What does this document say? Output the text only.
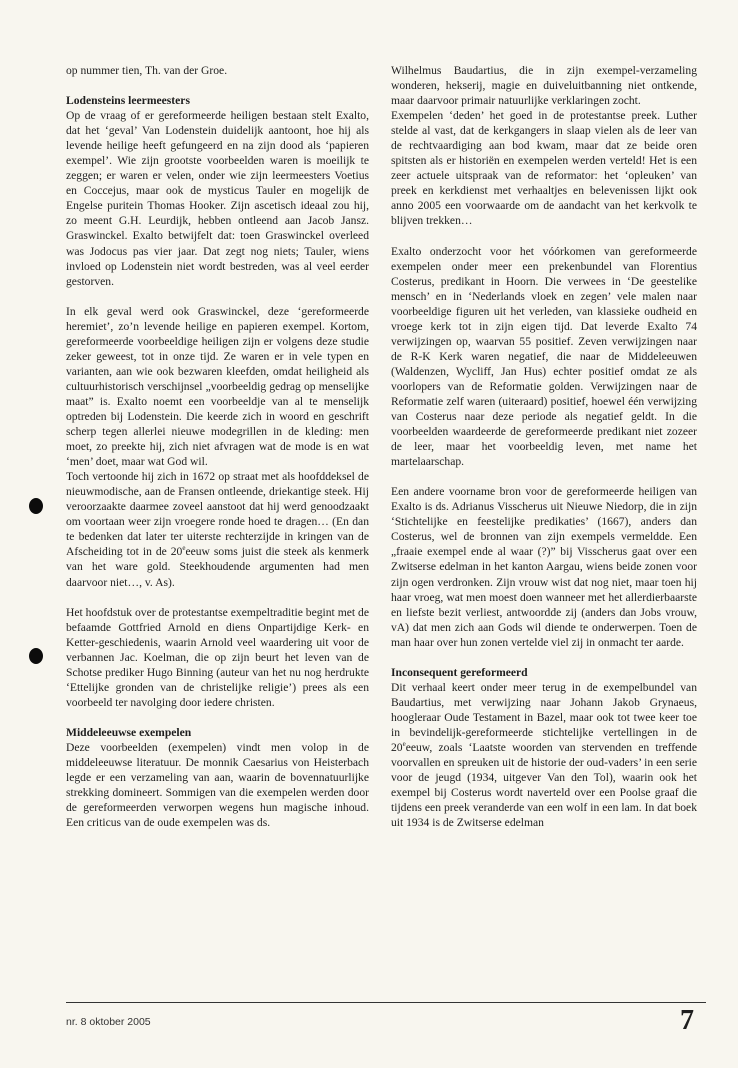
op nummer tien, Th. van der Groe.

Lodensteins leermeesters

Op de vraag of er gereformeerde heiligen bestaan stelt Exalto, dat het ‘geval’ Van Lodenstein duidelijk aantoont, hoe hij als levende heilige heeft gefungeerd en na zijn dood als ‘papieren exempel’. Wie zijn grootste voorbeelden waren is moeilijk te zeggen; er waren er velen, onder wie zijn leermeesters Voetius en Coccejus, maar ook de mysticus Tauler en mogelijk de Engelse puritein Thomas Hooker. Zijn ascetisch ideaal zou hij, zo meent G.H. Leurdijk, hebben ontleend aan Jacob Jansz. Graswinckel. Exalto betwijfelt dat: toen Graswinckel overleed was Jodocus pas vier jaar. Dat zegt nog niets; Tauler, wiens invloed op Lodenstein niet wordt bestreden, was al veel eerder gestorven.

In elk geval werd ook Graswinckel, deze ‘gereformeerde heremiet’, zo’n levende heilige en papieren exempel. Kortom, gereformeerde voorbeeldige heiligen zijn er volgens deze studie zeker geweest, tot in onze tijd. Ze waren er in vele typen en varianten, aan wie ook bezwaren kleefden, omdat heiligheid als cultuurhistorisch verschijnsel „voorbeeldig gedrag op menselijke maat” is. Exalto noemt een voorbeeldje van al te menselijk optreden bij Lodenstein. Die keerde zich in woord en geschrift scherp tegen allerlei nieuwe modegrillen in de kleding: men moet, zo preekte hij, zich niet afvragen wat de mode is en wat ‘men’ doet, maar wat God wil.

Toch vertoonde hij zich in 1672 op straat met als hoofddeksel de nieuwmodische, aan de Fransen ontleende, driekantige steek. Hij veroorzaakte daarmee zoveel aanstoot dat hij werd genoodzaakt om voortaan weer zijn vroegere ronde hoed te dragen… (En dan te bedenken dat later ter uiterste rechterzijde in kringen van de Afscheiding tot in de 20eeeuw soms juist die steek als kenmerk van het ware gold. Steekhoudende argumenten had men daarvoor niet…, v. As).

Het hoofdstuk over de protestantse exempeltraditie begint met de befaamde Gottfried Arnold en diens Onpartijdige Kerk- en Ketter-geschiedenis, waarin Arnold veel waardering uit voor de verbannen Jac. Koelman, die op zijn beurt het leven van de Schotse prediker Hugo Binning (auteur van het nu nog herdrukte ‘Ettelijke gronden van de christelijke religie’) prees als een voorbeeld ter navolging door iedere christen.

Middeleeuwse exempelen

Deze voorbeelden (exempelen) vindt men volop in de middeleeuwse literatuur. De monnik Caesarius von Heisterbach legde er een verzameling van aan, waarin de bovennatuurlijke strekking domineert. Sommigen van die exempelen werden door de gereformeerden verworpen wegens hun magische inhoud. Een criticus van de oude exempelen was ds.

Wilhelmus Baudartius, die in zijn exempel-verzameling wonderen, hekserij, magie en duiveluitbanning niet ontkende, maar daarvoor primair natuurlijke verklaringen zocht.

Exempelen ‘deden’ het goed in de protestantse preek. Luther stelde al vast, dat de kerkgangers in slaap vielen als de leer van de rechtvaardiging aan bod kwam, maar dat ze beide oren spitsten als er historiën en exempelen werden verteld! Het is een zeer actuele uitspraak van de reformator: het ‘opleuken’ van preek en kerkdienst met verhaaltjes en belevenissen lijkt ook anno 2005 een voorwaarde om de aandacht van het kerkvolk te blijven trekken…

Exalto onderzocht voor het vóórkomen van gereformeerde exempelen onder meer een prekenbundel van Florentius Costerus, predikant in Hoorn. Die verwees in ‘De geestelike mensch’ en in ‘Nederlands vloek en zegen’ vele malen naar voorbeeldige figuren uit het verleden, van klassieke oudheid en vroege kerk tot in zijn eigen tijd. Dat leverde Exalto 74 verwijzingen op, waarvan 55 positief. Zeven verwijzingen naar de R-K Kerk waren negatief, die naar de Middeleeuwen (Waldenzen, Wycliff, Jan Hus) echter positief omdat ze als voorlopers van de Reformatie golden. Verwijzingen naar de Reformatie zelf waren (uiteraard) positief, hoewel één verwijzing van Costerus naar deze periode als negatief geldt. In die voorbeelden waardeerde de gereformeerde predikant niet zozeer de leer, maar het voorbeeldig leven, met name het martelaarschap.

Een andere voorname bron voor de gereformeerde heiligen van Exalto is ds. Adrianus Visscherus uit Nieuwe Niedorp, die in zijn ‘Stichtelijke en feestelijke predikaties’ (1667), anders dan Costerus, wel de bronnen van zijn exempels vermeldde. Een „fraaie exempel ende al waar (?)” bij Visscherus gaat over een Zwitserse edelman in het kanton Aargau, wiens beide zonen voor zijn ogen verdronken. Zijn vrouw wist dat nog niet, maar toen hij haar vroeg, wat men moest doen wanneer met het allerdierbaarste en liefste bezit verliest, antwoordde zij (anders dan Jobs vrouw, vA) dat men zich aan Gods wil diende te onderwerpen. Toen de man haar over hun zonen vertelde viel zij in onmacht ter aarde.

Inconsequent gereformeerd

Dit verhaal keert onder meer terug in de exempelbundel van Baudartius, met verwijzing naar Johann Jakob Grynaeus, hoogleraar Oude Testament in Bazel, maar ook tot twee keer toe in bevindelijk-gereformeerde stichtelijke vertellingen in de 20eeeuw, zoals ‘Laatste woorden van stervenden en treffende voorvallen en spreuken uit de historie der oud-vaders’ in een serie voor de jeugd (1934, uitgever Van den Tol), waarin ook het exempel bij Costerus wordt naverteld over een Poolse graaf die tijdens een preek veranderde van een wolf in een lam. In dat boek uit 1934 is de Zwitserse edelman

nr. 8 oktober 2005	7
